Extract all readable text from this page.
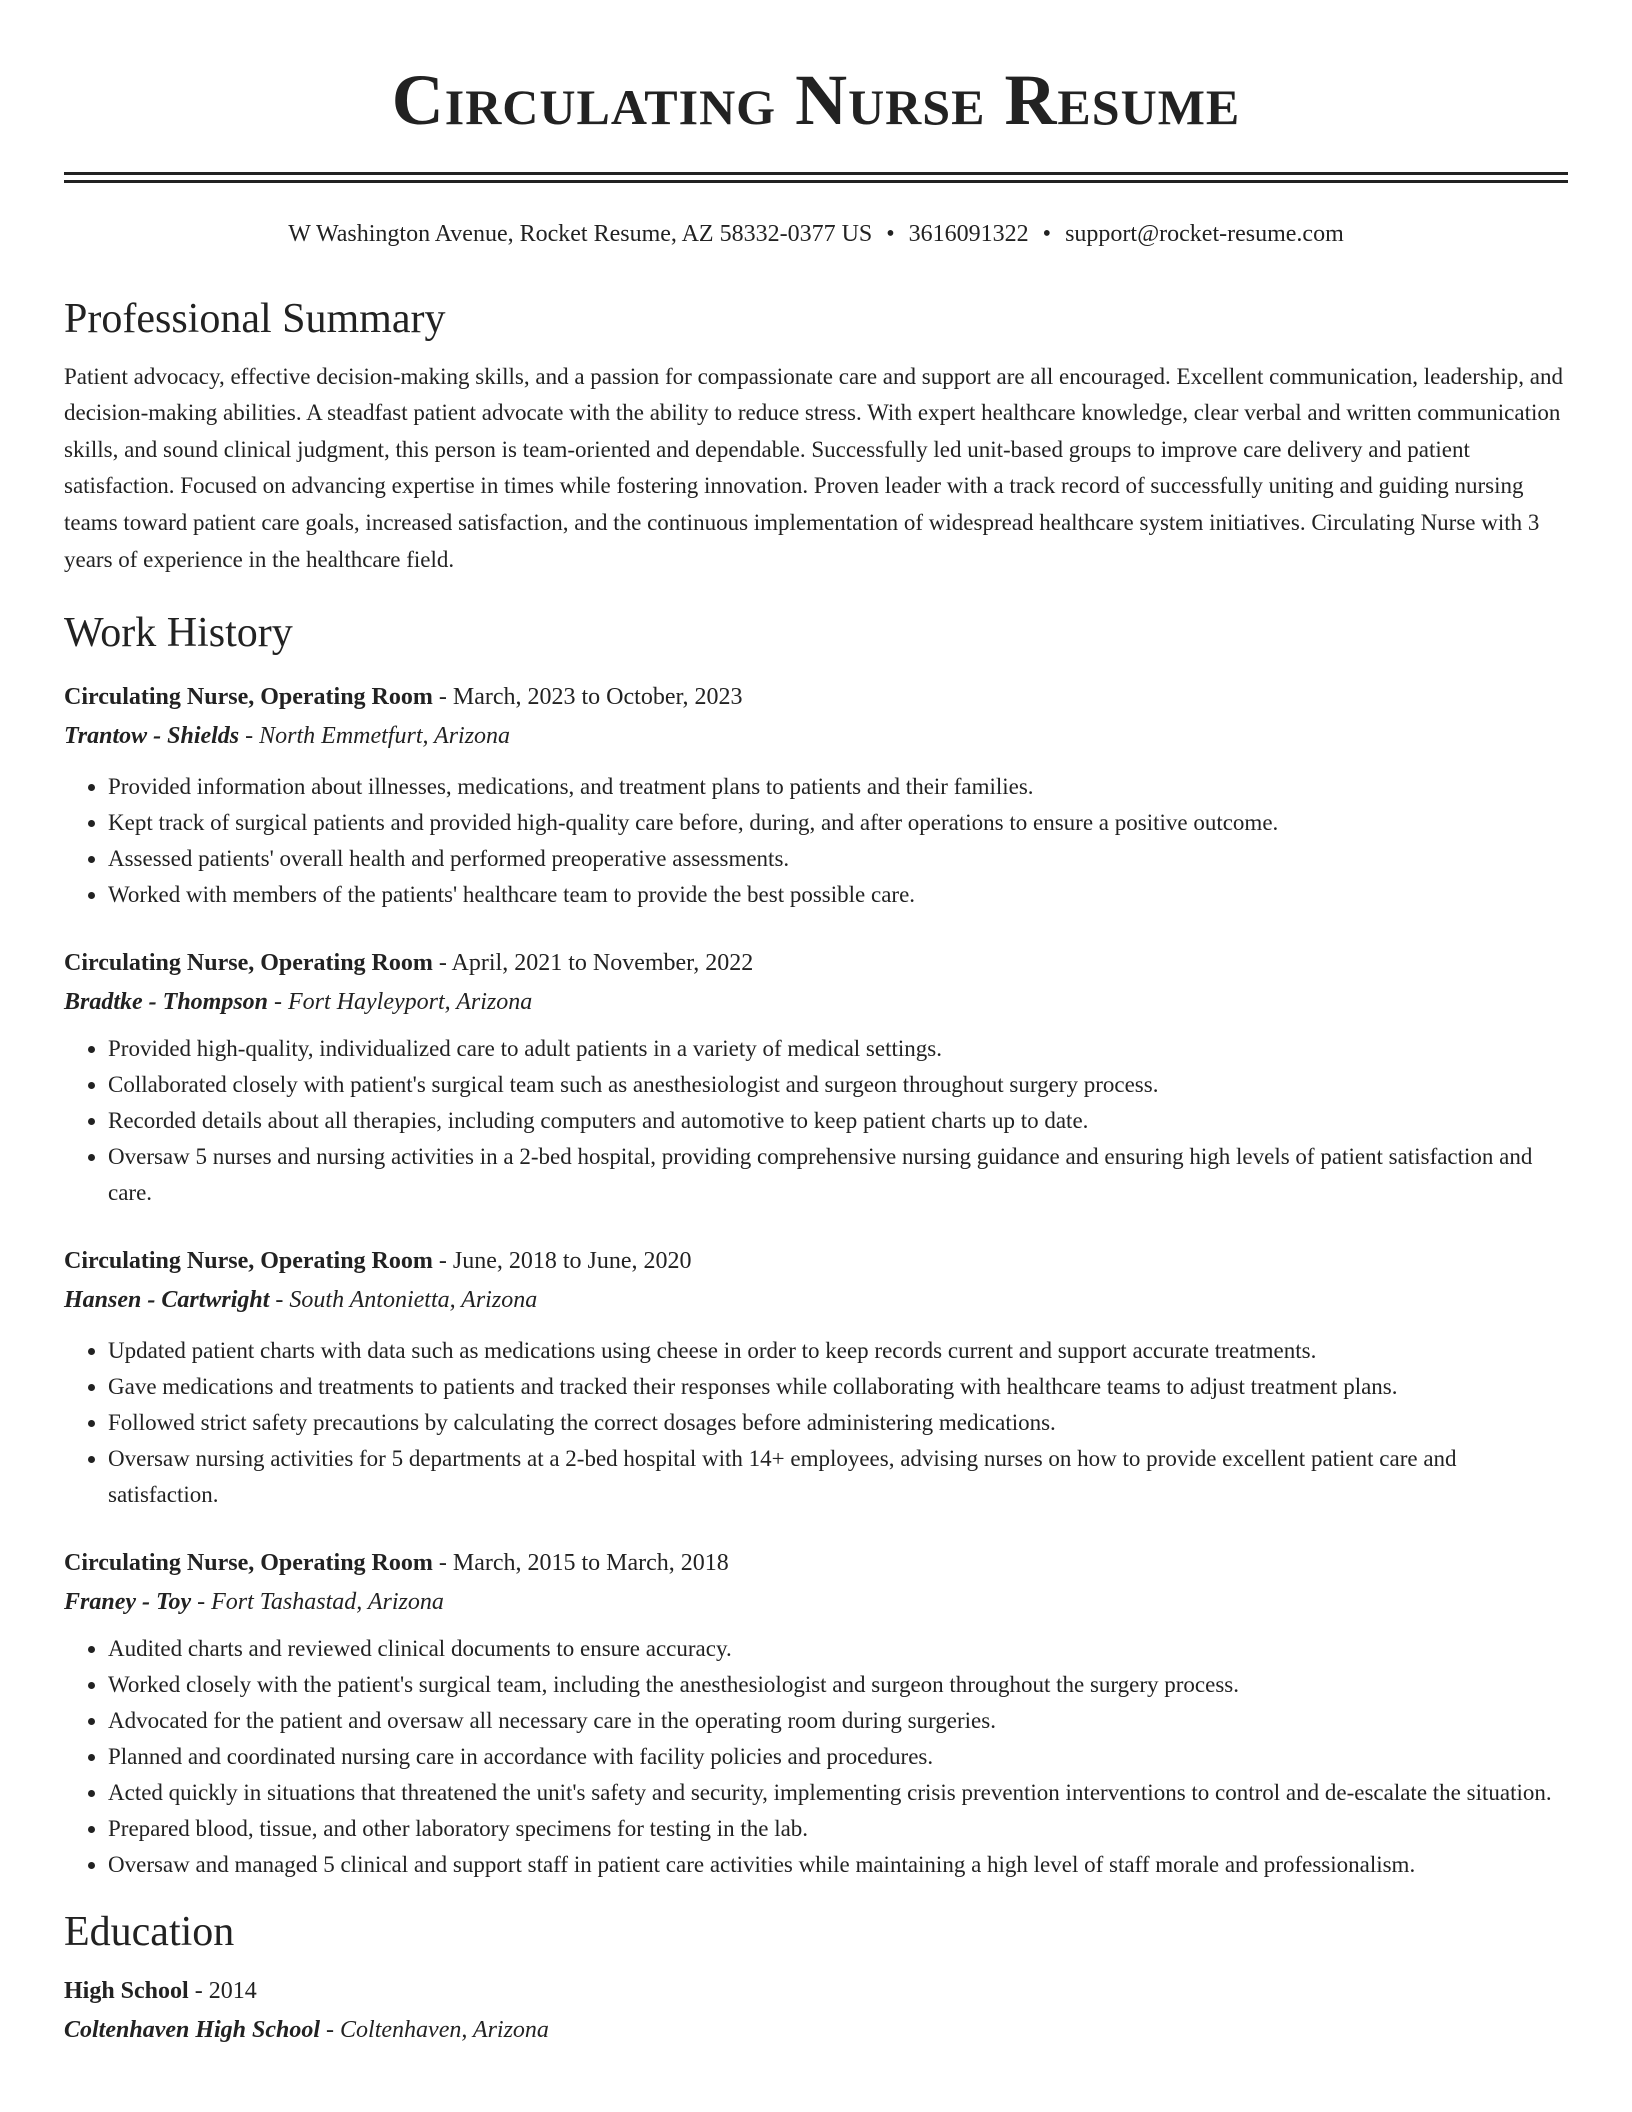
Circulating Nurse Resume
W Washington Avenue, Rocket Resume, AZ 58332-0377 US • 3616091322 • support@rocket-resume.com
Professional Summary
Patient advocacy, effective decision-making skills, and a passion for compassionate care and support are all encouraged. Excellent communication, leadership, and decision-making abilities. A steadfast patient advocate with the ability to reduce stress. With expert healthcare knowledge, clear verbal and written communication skills, and sound clinical judgment, this person is team-oriented and dependable. Successfully led unit-based groups to improve care delivery and patient satisfaction. Focused on advancing expertise in times while fostering innovation. Proven leader with a track record of successfully uniting and guiding nursing teams toward patient care goals, increased satisfaction, and the continuous implementation of widespread healthcare system initiatives. Circulating Nurse with 3 years of experience in the healthcare field.
Work History
Circulating Nurse, Operating Room - March, 2023 to October, 2023
Trantow - Shields - North Emmetfurt, Arizona
• Provided information about illnesses, medications, and treatment plans to patients and their families.
• Kept track of surgical patients and provided high-quality care before, during, and after operations to ensure a positive outcome.
• Assessed patients' overall health and performed preoperative assessments.
• Worked with members of the patients' healthcare team to provide the best possible care.
Circulating Nurse, Operating Room - April, 2021 to November, 2022
Bradtke - Thompson - Fort Hayleyport, Arizona
• Provided high-quality, individualized care to adult patients in a variety of medical settings.
• Collaborated closely with patient's surgical team such as anesthesiologist and surgeon throughout surgery process.
• Recorded details about all therapies, including computers and automotive to keep patient charts up to date.
• Oversaw 5 nurses and nursing activities in a 2-bed hospital, providing comprehensive nursing guidance and ensuring high levels of patient satisfaction and care.
Circulating Nurse, Operating Room - June, 2018 to June, 2020
Hansen - Cartwright - South Antonietta, Arizona
• Updated patient charts with data such as medications using cheese in order to keep records current and support accurate treatments.
• Gave medications and treatments to patients and tracked their responses while collaborating with healthcare teams to adjust treatment plans.
• Followed strict safety precautions by calculating the correct dosages before administering medications.
• Oversaw nursing activities for 5 departments at a 2-bed hospital with 14+ employees, advising nurses on how to provide excellent patient care and satisfaction.
Circulating Nurse, Operating Room - March, 2015 to March, 2018
Franey - Toy - Fort Tashastad, Arizona
• Audited charts and reviewed clinical documents to ensure accuracy.
• Worked closely with the patient's surgical team, including the anesthesiologist and surgeon throughout the surgery process.
• Advocated for the patient and oversaw all necessary care in the operating room during surgeries.
• Planned and coordinated nursing care in accordance with facility policies and procedures.
• Acted quickly in situations that threatened the unit's safety and security, implementing crisis prevention interventions to control and de-escalate the situation.
• Prepared blood, tissue, and other laboratory specimens for testing in the lab.
• Oversaw and managed 5 clinical and support staff in patient care activities while maintaining a high level of staff morale and professionalism.
Education
High School - 2014
Coltenhaven High School - Coltenhaven, Arizona
